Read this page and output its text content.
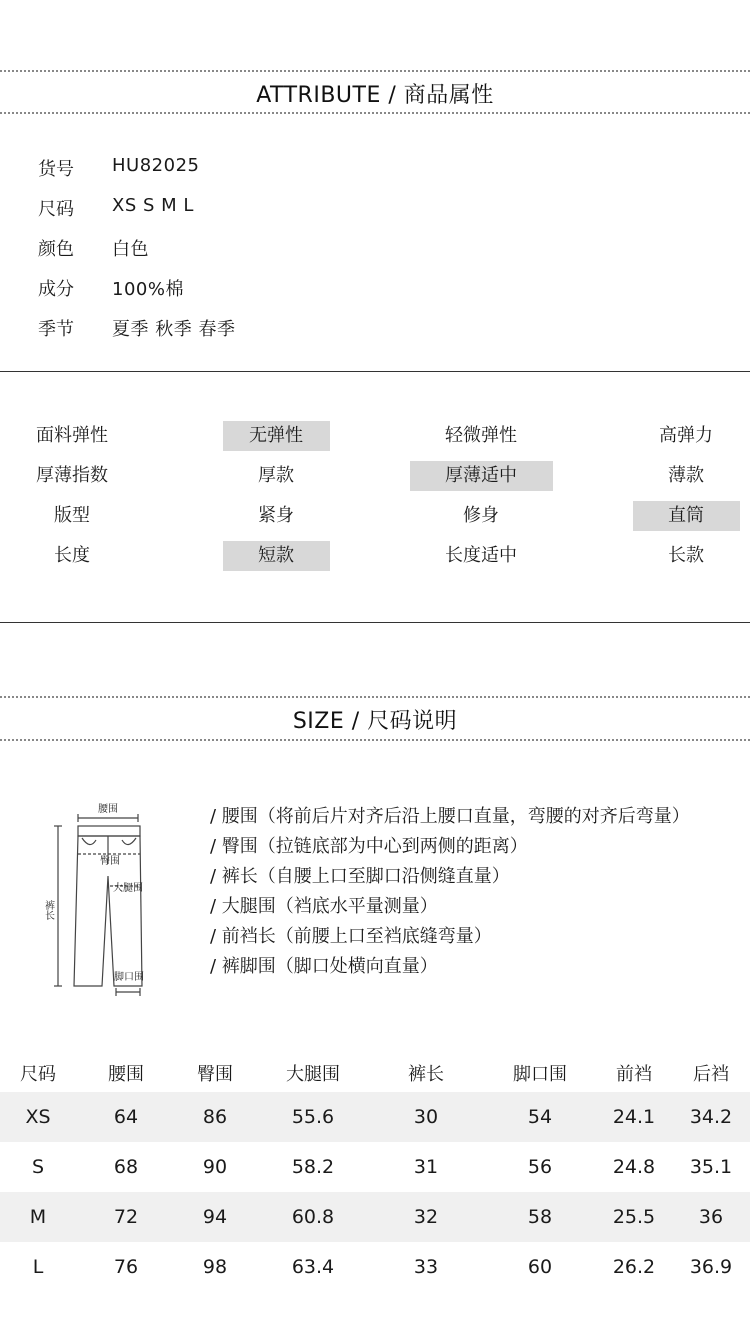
ATTRIBUTE / 商品属性
货号 HU82025
尺码 XS S M L
颜色 白色
成分 100%棉
季节 夏季 秋季 春季
面料弹性	无弹性	轻微弹性	高弹力
厚薄指数	厚款	厚薄适中	薄款
版型	紧身	修身	直筒
长度	短款	长度适中	长款
SIZE / 尺码说明
腰围
臀围
裤长
大腿围
脚口围
/ 腰围（将前后片对齐后沿上腰口直量，弯腰的对齐后弯量）
/ 臀围（拉链底部为中心到两侧的距离）
/ 裤长（自腰上口至脚口沿侧缝直量）
/ 大腿围（裆底水平量测量）
/ 前裆长（前腰上口至裆底缝弯量）
/ 裤脚围（脚口处横向直量）
尺码	腰围	臀围	大腿围	裤长	脚口围	前裆	后裆
XS	64	86	55.6	30	54	24.1	34.2
S	68	90	58.2	31	56	24.8	35.1
M	72	94	60.8	32	58	25.5	36
L	76	98	63.4	33	60	26.2	36.9
